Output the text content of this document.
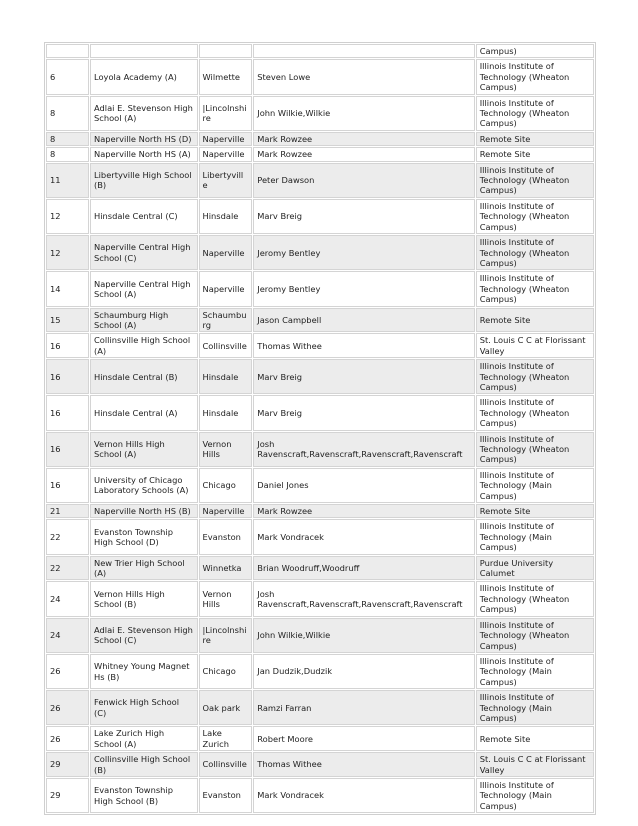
				Campus)
6	Loyola Academy (A)	Wilmette	Steven Lowe	Illinois Institute of Technology (Wheaton Campus)
8	Adlai E. Stevenson High School (A)	|Lincolnshire	John Wilkie,Wilkie	Illinois Institute of Technology (Wheaton Campus)
8	Naperville North HS (D)	Naperville	Mark Rowzee	Remote Site
8	Naperville North HS (A)	Naperville	Mark Rowzee	Remote Site
11	Libertyville High School (B)	Libertyville	Peter Dawson	Illinois Institute of Technology (Wheaton Campus)
12	Hinsdale Central (C)	Hinsdale	Marv Breig	Illinois Institute of Technology (Wheaton Campus)
12	Naperville Central High School (C)	Naperville	Jeromy Bentley	Illinois Institute of Technology (Wheaton Campus)
14	Naperville Central High School (A)	Naperville	Jeromy Bentley	Illinois Institute of Technology (Wheaton Campus)
15	Schaumburg High School (A)	Schaumburg	Jason Campbell	Remote Site
16	Collinsville High School (A)	Collinsville	Thomas Withee	St. Louis C C at Florissant Valley
16	Hinsdale Central (B)	Hinsdale	Marv Breig	Illinois Institute of Technology (Wheaton Campus)
16	Hinsdale Central (A)	Hinsdale	Marv Breig	Illinois Institute of Technology (Wheaton Campus)
16	Vernon Hills High School (A)	Vernon Hills	Josh Ravenscraft,Ravenscraft,Ravenscraft,Ravenscraft	Illinois Institute of Technology (Wheaton Campus)
16	University of Chicago Laboratory Schools (A)	Chicago	Daniel Jones	Illinois Institute of Technology (Main Campus)
21	Naperville North HS (B)	Naperville	Mark Rowzee	Remote Site
22	Evanston Township High School (D)	Evanston	Mark Vondracek	Illinois Institute of Technology (Main Campus)
22	New Trier High School (A)	Winnetka	Brian Woodruff,Woodruff	Purdue University Calumet
24	Vernon Hills High School (B)	Vernon Hills	Josh Ravenscraft,Ravenscraft,Ravenscraft,Ravenscraft	Illinois Institute of Technology (Wheaton Campus)
24	Adlai E. Stevenson High School (C)	|Lincolnshire	John Wilkie,Wilkie	Illinois Institute of Technology (Wheaton Campus)
26	Whitney Young Magnet Hs (B)	Chicago	Jan Dudzik,Dudzik	Illinois Institute of Technology (Main Campus)
26	Fenwick High School (C)	Oak park	Ramzi Farran	Illinois Institute of Technology (Main Campus)
26	Lake Zurich High School (A)	Lake Zurich	Robert Moore	Remote Site
29	Collinsville High School (B)	Collinsville	Thomas Withee	St. Louis C C at Florissant Valley
29	Evanston Township High School (B)	Evanston	Mark Vondracek	Illinois Institute of Technology (Main Campus)
